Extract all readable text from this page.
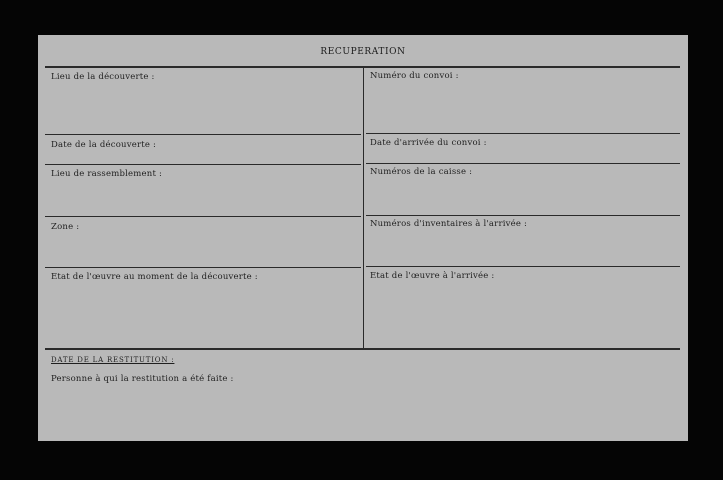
RECUPERATION
Lieu de la découverte :
Date de la découverte :
Lieu de rassemblement :
Zone :
Etat de l'œuvre au moment de la découverte :
Numéro du convoi :
Date d'arrivée du convoi :
Numéros de la caisse :
Numéros d'inventaires à l'arrivée :
Etat de l'œuvre à l'arrivée :
DATE DE LA RESTITUTION :
Personne à qui la restitution a été faite :
